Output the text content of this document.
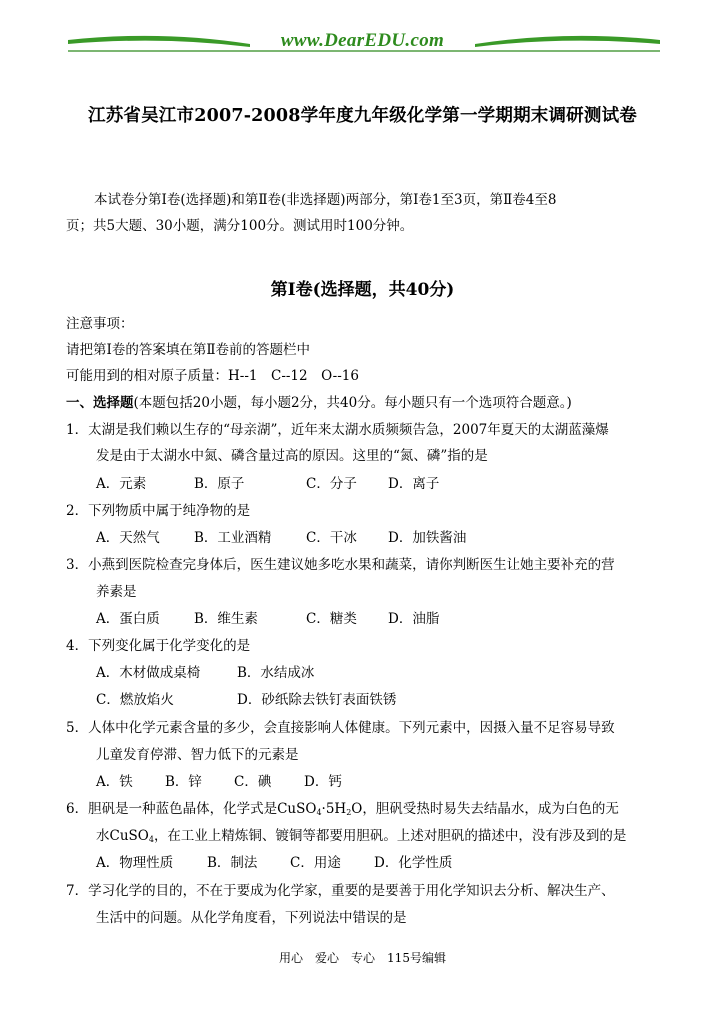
www.DearEDU.com
江苏省吴江市2007-2008学年度九年级化学第一学期期末调研测试卷
本试卷分第Ⅰ卷(选择题)和第Ⅱ卷(非选择题)两部分，第Ⅰ卷1至3页，第Ⅱ卷4至8
页；共5大题、30小题，满分100分。测试用时100分钟。
第Ⅰ卷(选择题，共40分)
注意事项：
请把第Ⅰ卷的答案填在第Ⅱ卷前的答题栏中
可能用到的相对原子质量：H--1　C--12　O--16
一、选择题(本题包括20小题，每小题2分，共40分。每小题只有一个选项符合题意。)
1．太湖是我们赖以生存的“母亲湖”，近年来太湖水质频频告急，2007年夏天的太湖蓝藻爆
发是由于太湖水中氮、磷含量过高的原因。这里的“氮、磷”指的是
A．元素	B．原子	C．分子 D．离子
2．下列物质中属于纯净物的是
A．天然气	B．工业酒精	C．干冰 D．加铁酱油
3．小燕到医院检查完身体后，医生建议她多吃水果和蔬菜，请你判断医生让她主要补充的营
养素是
A．蛋白质	B．维生素	C．糖类 D．油脂
4．下列变化属于化学变化的是
A．木材做成桌椅	B．水结成冰
C．燃放焰火	D．砂纸除去铁钉表面铁锈
5．人体中化学元素含量的多少，会直接影响人体健康。下列元素中，因摄入量不足容易导致
儿童发育停滞、智力低下的元素是
A．铁 B．锌 C．碘 D．钙
6．胆矾是一种蓝色晶体，化学式是$CuSO_4\cdot 5H_2O$，胆矾受热时易失去结晶水，成为白色的无
水CuSO$_4$，在工业上精炼铜、镀铜等都要用胆矾。上述对胆矾的描述中，没有涉及到的是
A．物理性质	B．制法 C．用途 D．化学性质
7．学习化学的目的，不在于要成为化学家，重要的是要善于用化学知识去分析、解决生产、
生活中的问题。从化学角度看，下列说法中错误的是
用心　爱心　专心　115号编辑
